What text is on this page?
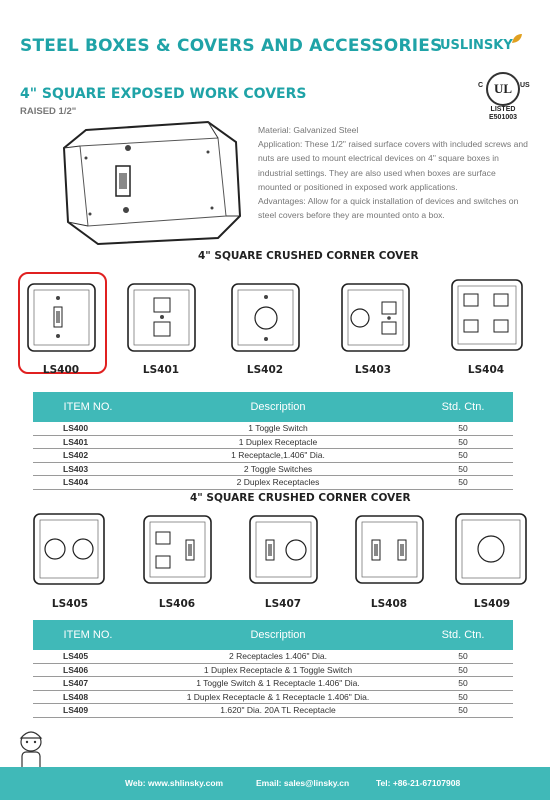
STEEL BOXES & COVERS AND ACCESSORIES
USLINSKY
4" SQUARE EXPOSED WORK COVERS
RAISED 1/2"
C UL	US
LISTED
E501003
Material: Galvanized Steel
Application: These 1/2" raised surface covers with included screws and nuts are used to mount electrical devices on 4" square boxes in industrial settings. They are also used when boxes are surface mounted or positioned in exposed work applications.
Advantages: Allow for a quick installation of devices and switches on steel covers before they are mounted onto a box.
4" SQUARE CRUSHED CORNER COVER
LS400	LS401	LS402	LS403	LS404
ITEM NO.	Description	Std. Ctn.
LS400	1 Toggle Switch	50
LS401	1 Duplex Receptacle	50
LS402	1 Receptacle,1.406" Dia.	50
LS403	2 Toggle Switches	50
LS404	2 Duplex Receptacles	50
4" SQUARE CRUSHED CORNER COVER
LS405	LS406	LS407	LS408	LS409
ITEM NO.	Description	Std. Ctn.
LS405	2 Receptacles 1.406" Dia.	50
LS406	1 Duplex Receptacle & 1 Toggle Switch	50
LS407	1 Toggle Switch & 1 Receptacle 1.406" Dia.	50
LS408	1 Duplex Receptacle & 1 Receptacle 1.406" Dia.	50
LS409	1.620" Dia. 20A TL Receptacle	50
Web: www.shlinsky.com	Email: sales@linsky.cn	Tel: +86-21-67107908
